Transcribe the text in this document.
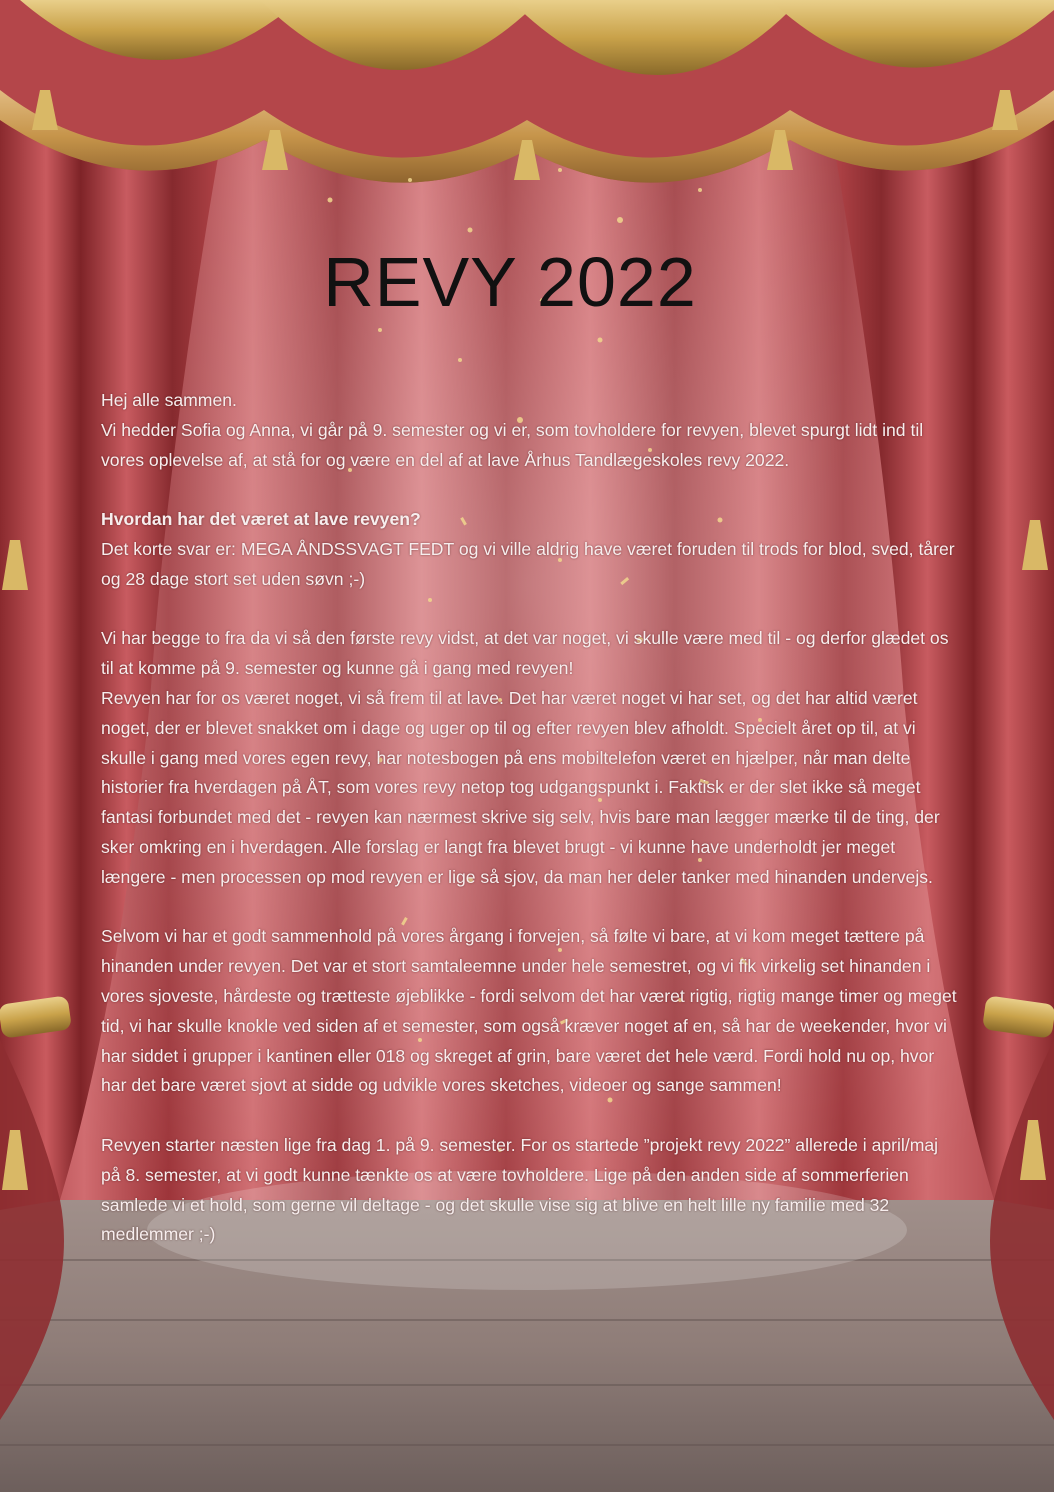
REVY 2022

Hej alle sammen.

Vi hedder Sofia og Anna, vi går på 9. semester og vi er, som tovholdere for revyen, blevet spurgt lidt ind til vores oplevelse af, at stå for og være en del af at lave Århus Tandlægeskoles revy 2022.

Hvordan har det været at lave revyen?

Det korte svar er: MEGA ÅNDSSVAGT FEDT og vi ville aldrig have været foruden til trods for blod, sved, tårer og 28 dage stort set uden søvn ;-)

Vi har begge to fra da vi så den første revy vidst, at det var noget, vi skulle være med til - og derfor glædet os til at komme på 9. semester og kunne gå i gang med revyen!

Revyen har for os været noget, vi så frem til at lave. Det har været noget vi har set, og det har altid været noget, der er blevet snakket om i dage og uger op til og efter revyen blev afholdt. Specielt året op til, at vi skulle i gang med vores egen revy, har notesbogen på ens mobiltelefon været en hjælper, når man delte historier fra hverdagen på ÅT, som vores revy netop tog udgangspunkt i. Faktisk er der slet ikke så meget fantasi forbundet med det - revyen kan nærmest skrive sig selv, hvis bare man lægger mærke til de ting, der sker omkring en i hverdagen. Alle forslag er langt fra blevet brugt - vi kunne have underholdt jer meget længere - men processen op mod revyen er lige så sjov, da man her deler tanker med hinanden undervejs.

Selvom vi har et godt sammenhold på vores årgang i forvejen, så følte vi bare, at vi kom meget tættere på hinanden under revyen. Det var et stort samtaleemne under hele semestret, og vi fik virkelig set hinanden i vores sjoveste, hårdeste og trætteste øjeblikke - fordi selvom det har været rigtig, rigtig mange timer og meget tid, vi har skulle knokle ved siden af et semester, som også kræver noget af en, så har de weekender, hvor vi har siddet i grupper i kantinen eller 018 og skreget af grin, bare været det hele værd. Fordi hold nu op, hvor har det bare været sjovt at sidde og udvikle vores sketches, videoer og sange sammen!

Revyen starter næsten lige fra dag 1. på 9. semester. For os startede ”projekt revy 2022” allerede i april/maj på 8. semester, at vi godt kunne tænkte os at være tovholdere. Lige på den anden side af sommerferien samlede vi et hold, som gerne vil deltage - og det skulle vise sig at blive en helt lille ny familie med 32 medlemmer ;-)
